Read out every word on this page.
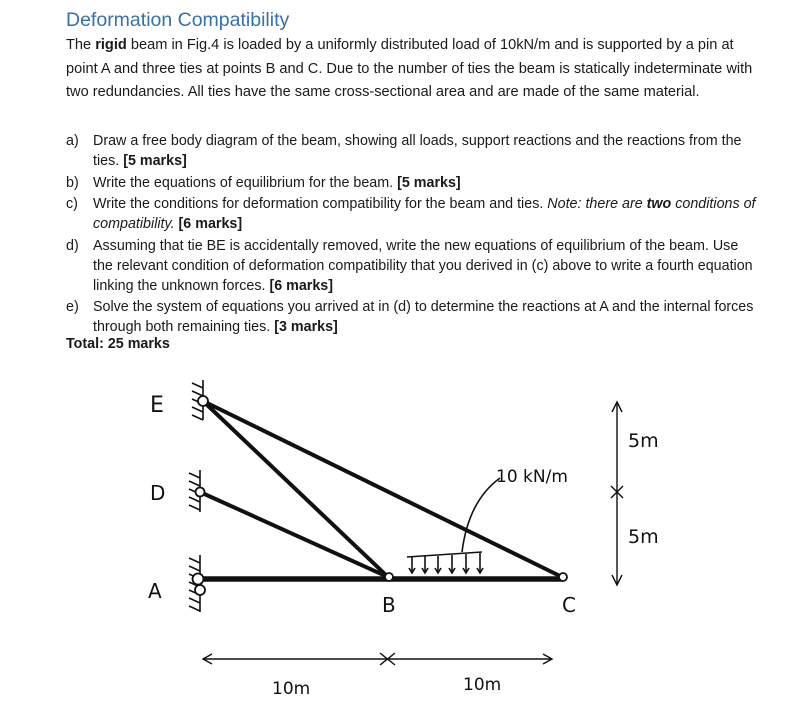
Deformation Compatibility
The rigid beam in Fig.4 is loaded by a uniformly distributed load of 10kN/m and is supported by a pin at point A and three ties at points B and C. Due to the number of ties the beam is statically indeterminate with two redundancies. All ties have the same cross-sectional area and are made of the same material.
a) Draw a free body diagram of the beam, showing all loads, support reactions and the reactions from the ties. [5 marks]
b) Write the equations of equilibrium for the beam. [5 marks]
c)	Write the conditions for deformation compatibility for the beam and ties. Note: there are two conditions of compatibility. [6 marks]
d) Assuming that tie BE is accidentally removed, write the new equations of equilibrium of the beam. Use the relevant condition of deformation compatibility that you derived in (c) above to write a fourth equation linking the unknown forces. [6 marks]
e) Solve the system of equations you arrived at in (d) to determine the reactions at A and the internal forces through both remaining ties. [3 marks]
Total: 25 marks
E
D
A
B	C
10 kN/m
5m
5m
10m	10m
